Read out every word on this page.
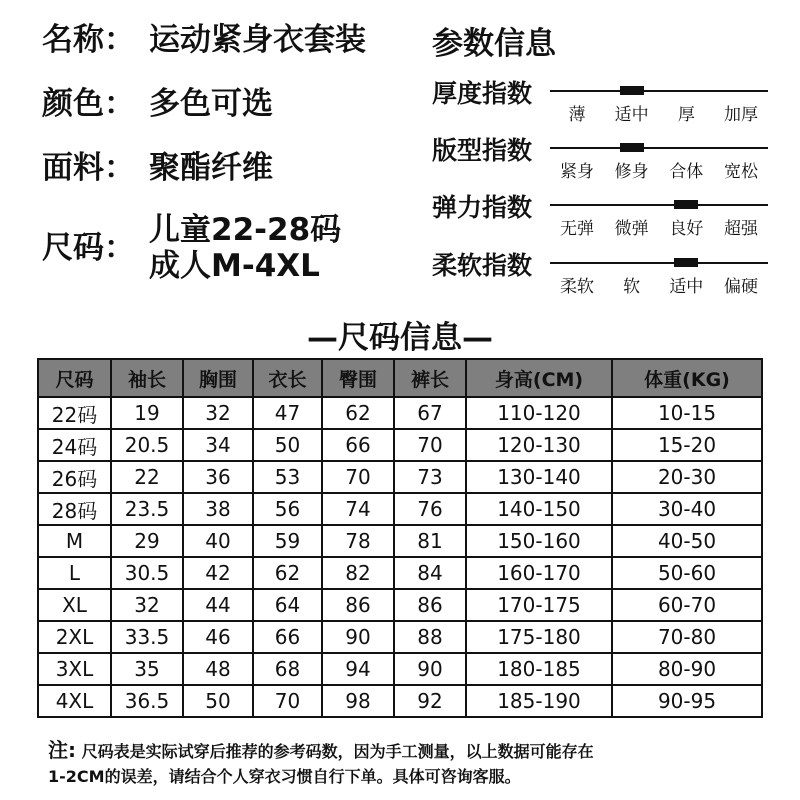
名称： 运动紧身衣套装
颜色： 多色可选
面料： 聚酯纤维
尺码： 儿童22-28码
成人M-4XL
参数信息
厚度指数
薄	适中	厚	加厚
版型指数
紧身	修身	合体	宽松
弹力指数
无弹	微弹	良好	超强
柔软指数
柔软	软	适中	偏硬
—尺码信息—
尺码	袖长	胸围	衣长	臀围	裤长	身高(CM)	体重(KG)
22码	19	32	47	62	67	110-120	10-15
24码	20.5	34	50	66	70	120-130	15-20
26码	22	36	53	70	73	130-140	20-30
28码	23.5	38	56	74	76	140-150	30-40
M	29	40	59	78	81	150-160	40-50
L	30.5	42	62	82	84	160-170	50-60
XL	32	44	64	86	86	170-175	60-70
2XL	33.5	46	66	90	88	175-180	70-80
3XL	35	48	68	94	90	180-185	80-90
4XL	36.5	50	70	98	92	185-190	90-95
注: 尺码表是实际试穿后推荐的参考码数，因为手工测量，以上数据可能存在
1-2CM的误差，请结合个人穿衣习惯自行下单。具体可咨询客服。
